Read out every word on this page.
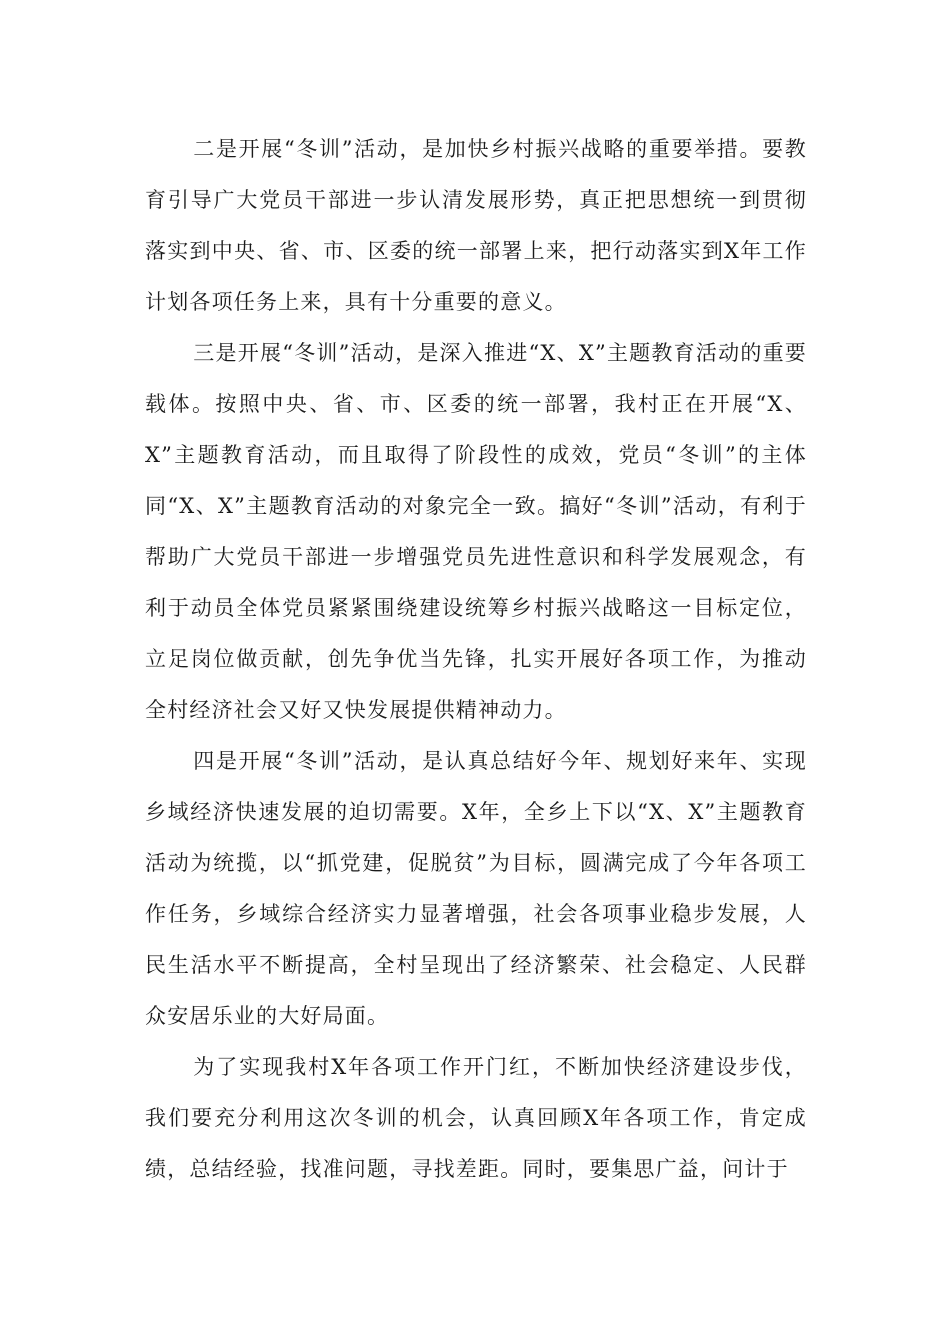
二是开展“冬训”活动，是加快乡村振兴战略的重要举措。要教育引导广大党员干部进一步认清发展形势，真正把思想统一到贯彻落实到中央、省、市、区委的统一部署上来，把行动落实到X年工作计划各项任务上来，具有十分重要的意义。

三是开展“冬训”活动，是深入推进“X、X”主题教育活动的重要载体。按照中央、省、市、区委的统一部署，我村正在开展“X、X”主题教育活动，而且取得了阶段性的成效，党员“冬训”的主体同“X、X”主题教育活动的对象完全一致。搞好“冬训”活动，有利于帮助广大党员干部进一步增强党员先进性意识和科学发展观念，有利于动员全体党员紧紧围绕建设统筹乡村振兴战略这一目标定位，立足岗位做贡献，创先争优当先锋，扎实开展好各项工作，为推动全村经济社会又好又快发展提供精神动力。

四是开展“冬训”活动，是认真总结好今年、规划好来年、实现乡域经济快速发展的迫切需要。X年，全乡上下以“X、X”主题教育活动为统揽，以“抓党建，促脱贫”为目标，圆满完成了今年各项工作任务，乡域综合经济实力显著增强，社会各项事业稳步发展，人民生活水平不断提高，全村呈现出了经济繁荣、社会稳定、人民群众安居乐业的大好局面。

为了实现我村X年各项工作开门红，不断加快经济建设步伐，我们要充分利用这次冬训的机会，认真回顾X年各项工作，肯定成绩，总结经验，找准问题，寻找差距。同时，要集思广益，问计于
